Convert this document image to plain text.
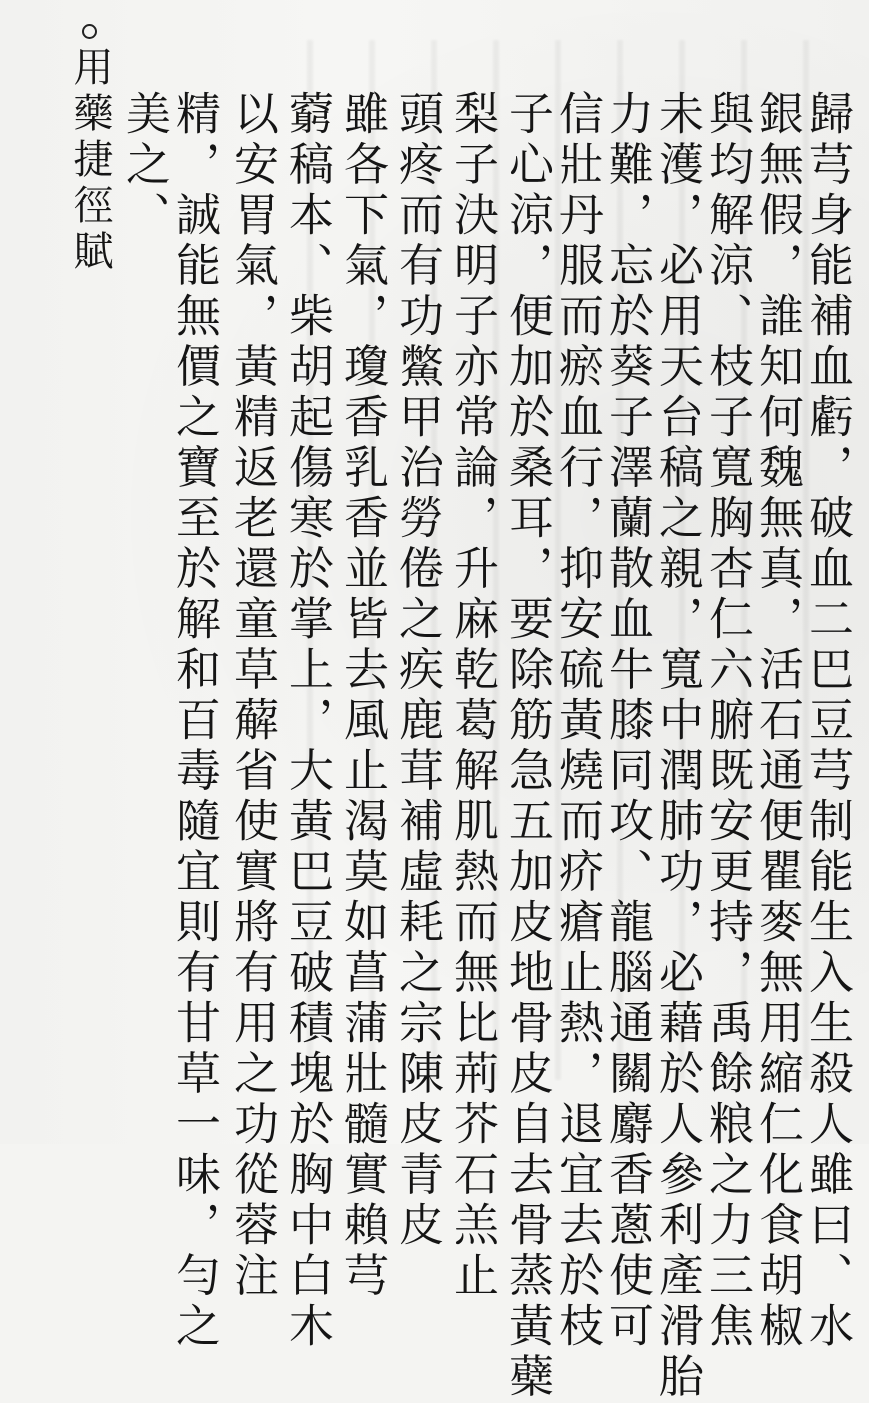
用藥捷徑賦 美之、
精，誠能無價之寶至於解和百毒隨宜則有甘草一味，勻之 以安胃氣，黃精返老還童草薢省使實將有用之功從蓉注 藭稿本、柴胡起傷寒於掌上，大黃巴豆破積塊於胸中白木 雖各下氣，瓊香乳香並皆去風止渴莫如菖蒲壯髓實賴芎 頭疼而有功鱉甲治勞倦之疾鹿茸補虛耗之宗陳皮青皮 梨子決明子亦常論，升麻乾葛解肌熱而無比荊芥石羔止 子心涼，便加於桑耳，要除筋急五加皮地骨皮自去骨蒸黃蘗
信壯丹服而瘀血行，抑安硫黃燒而疥瘡止熱，退宜去於枝
力難，忘於葵子澤蘭散血牛膝同攻、龍腦通關麝香蔥使可
未濩，必用天台稿之親，寬中潤肺功，必藉於人參利產滑胎
與均解涼、枝子寬胸杏仁六腑既安更持，禹餘粮之力三焦
銀無假，誰知何魏無真，活石通便瞿麥無用縮仁化食胡椒
歸芎身能補血虧，破血二巴豆芎制能生入生殺人雖曰、水
